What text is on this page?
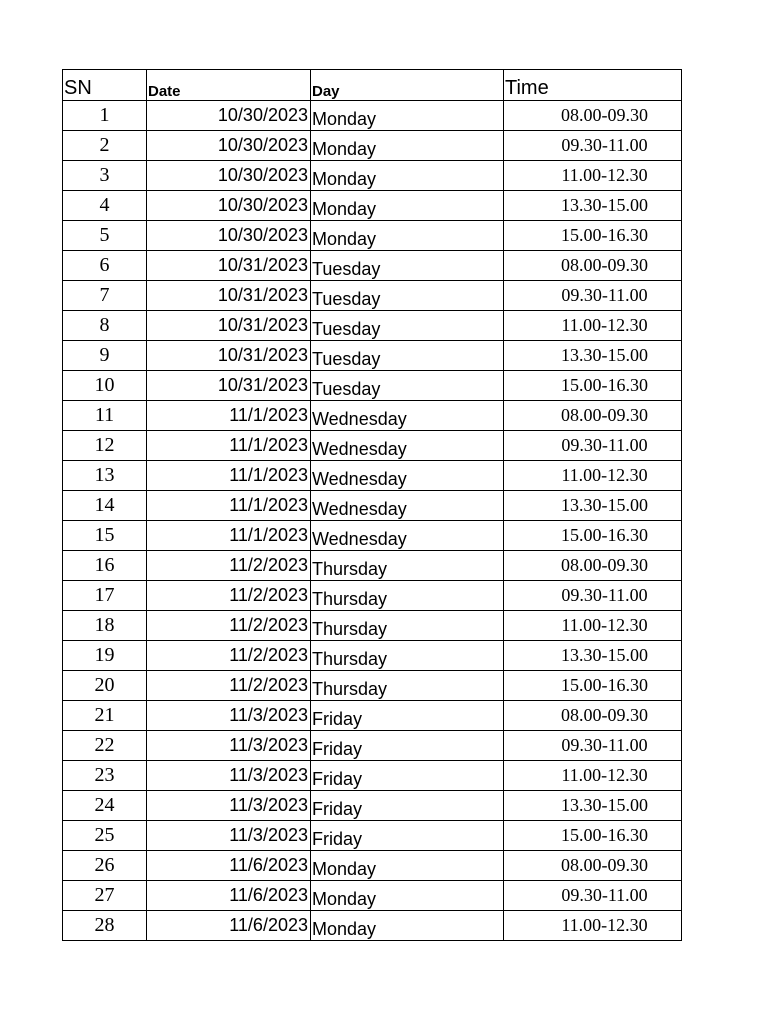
SN	Date	Day	Time
1	10/30/2023	Monday	08.00-09.30
2	10/30/2023	Monday	09.30-11.00
3	10/30/2023	Monday	11.00-12.30
4	10/30/2023	Monday	13.30-15.00
5	10/30/2023	Monday	15.00-16.30
6	10/31/2023	Tuesday	08.00-09.30
7	10/31/2023	Tuesday	09.30-11.00
8	10/31/2023	Tuesday	11.00-12.30
9	10/31/2023	Tuesday	13.30-15.00
10	10/31/2023	Tuesday	15.00-16.30
11	11/1/2023	Wednesday	08.00-09.30
12	11/1/2023	Wednesday	09.30-11.00
13	11/1/2023	Wednesday	11.00-12.30
14	11/1/2023	Wednesday	13.30-15.00
15	11/1/2023	Wednesday	15.00-16.30
16	11/2/2023	Thursday	08.00-09.30
17	11/2/2023	Thursday	09.30-11.00
18	11/2/2023	Thursday	11.00-12.30
19	11/2/2023	Thursday	13.30-15.00
20	11/2/2023	Thursday	15.00-16.30
21	11/3/2023	Friday	08.00-09.30
22	11/3/2023	Friday	09.30-11.00
23	11/3/2023	Friday	11.00-12.30
24	11/3/2023	Friday	13.30-15.00
25	11/3/2023	Friday	15.00-16.30
26	11/6/2023	Monday	08.00-09.30
27	11/6/2023	Monday	09.30-11.00
28	11/6/2023	Monday	11.00-12.30
